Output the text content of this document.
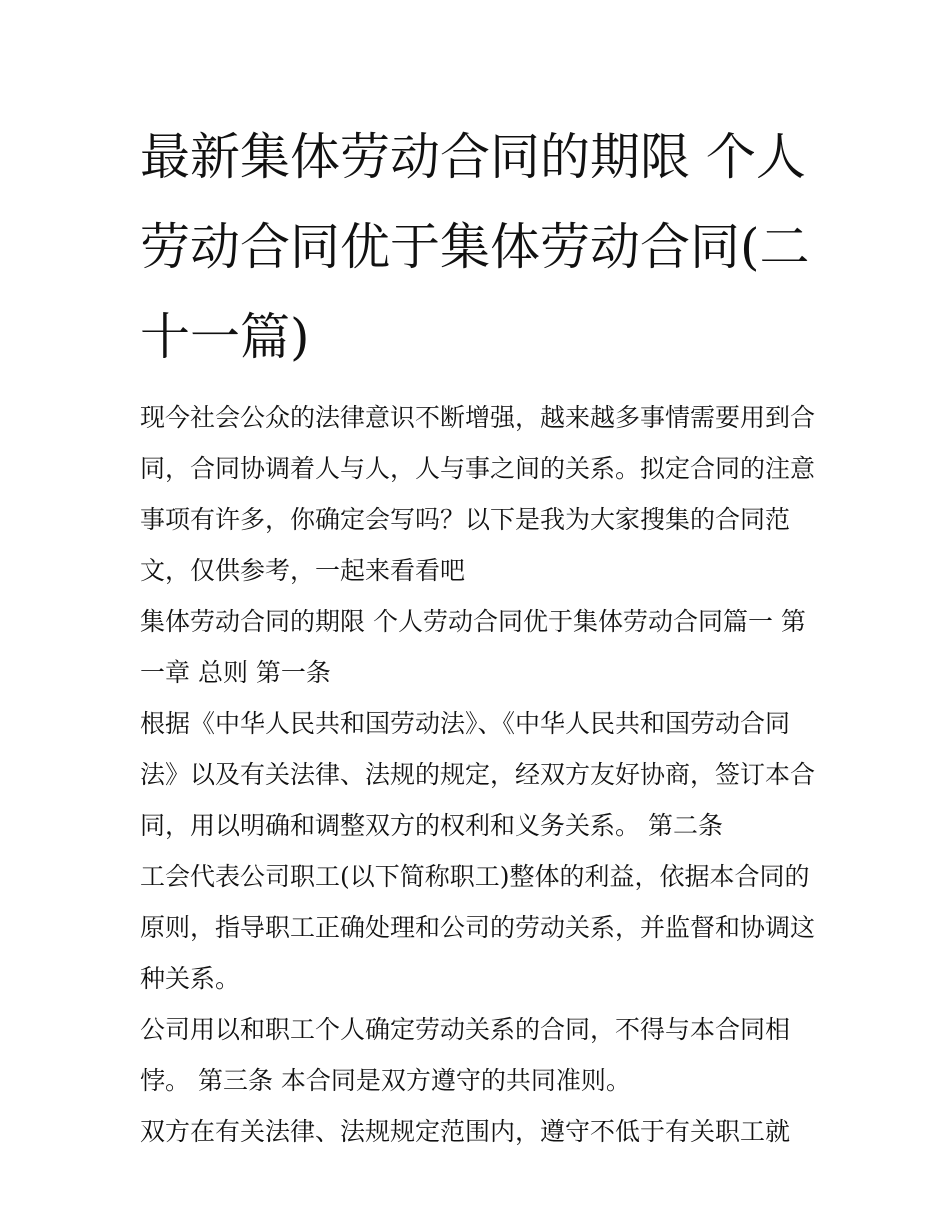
最新集体劳动合同的期限 个人劳动合同优于集体劳动合同(二十一篇)

现今社会公众的法律意识不断增强，越来越多事情需要用到合同，合同协调着人与人，人与事之间的关系。拟定合同的注意事项有许多，你确定会写吗？以下是我为大家搜集的合同范文，仅供参考，一起来看看吧

集体劳动合同的期限 个人劳动合同优于集体劳动合同篇一 第一章 总则 第一条

根据《中华人民共和国劳动法》、《中华人民共和国劳动合同法》以及有关法律、法规的规定，经双方友好协商，签订本合同，用以明确和调整双方的权利和义务关系。 第二条

工会代表公司职工(以下简称职工)整体的利益，依据本合同的原则，指导职工正确处理和公司的劳动关系，并监督和协调这种关系。

公司用以和职工个人确定劳动关系的合同，不得与本合同相悖。 第三条 本合同是双方遵守的共同准则。

双方在有关法律、法规规定范围内，遵守不低于有关职工就
